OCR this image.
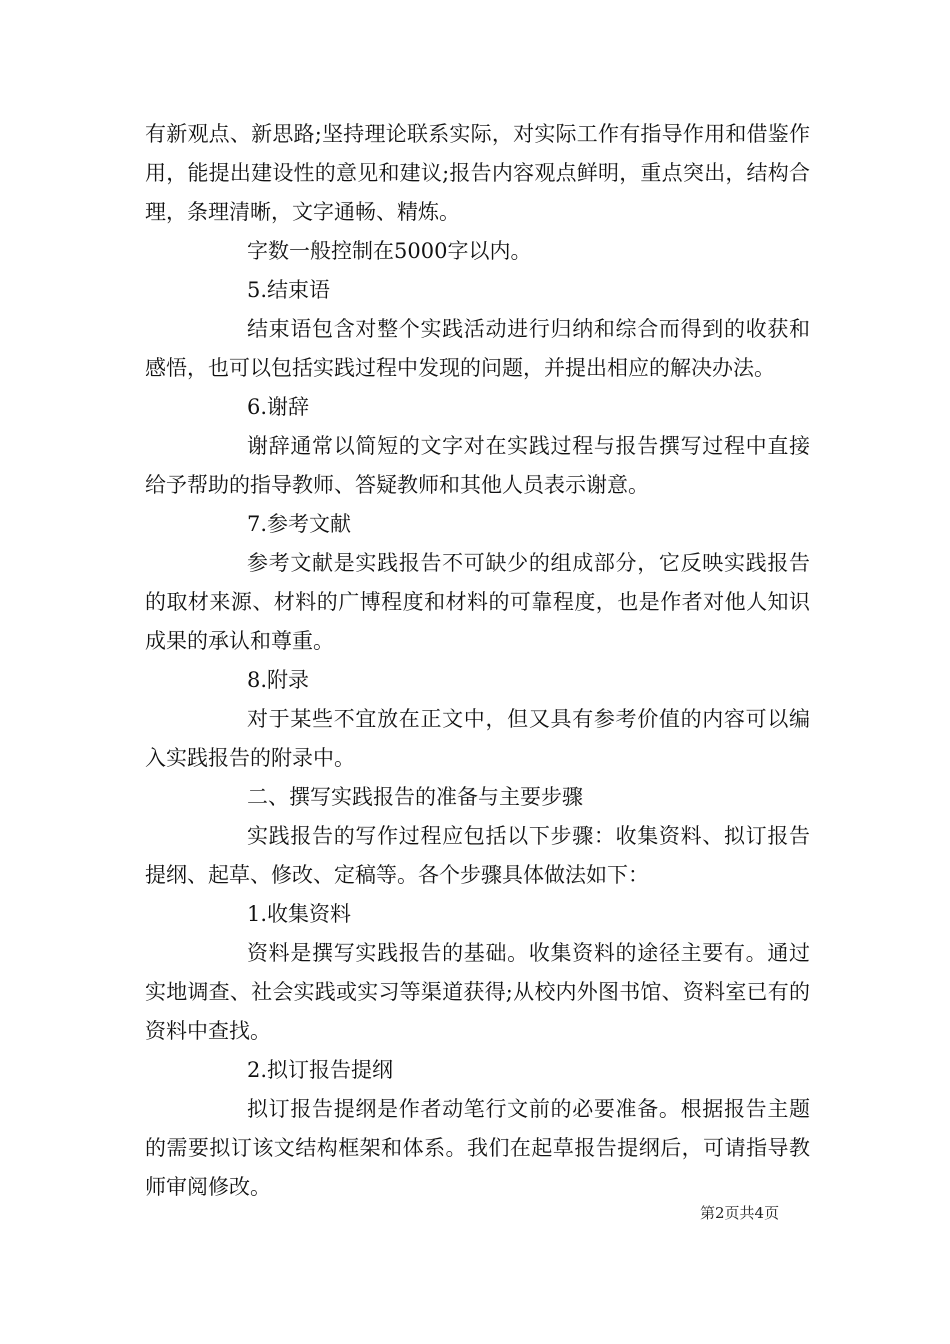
有新观点、新思路;坚持理论联系实际，对实际工作有指导作用和借鉴作用，能提出建设性的意见和建议;报告内容观点鲜明，重点突出，结构合理，条理清晰，文字通畅、精炼。

字数一般控制在5000字以内。

5.结束语

结束语包含对整个实践活动进行归纳和综合而得到的收获和感悟，也可以包括实践过程中发现的问题，并提出相应的解决办法。

6.谢辞

谢辞通常以简短的文字对在实践过程与报告撰写过程中直接给予帮助的指导教师、答疑教师和其他人员表示谢意。

7.参考文献

参考文献是实践报告不可缺少的组成部分，它反映实践报告的取材来源、材料的广博程度和材料的可靠程度，也是作者对他人知识成果的承认和尊重。

8.附录

对于某些不宜放在正文中，但又具有参考价值的内容可以编入实践报告的附录中。

二、撰写实践报告的准备与主要步骤

实践报告的写作过程应包括以下步骤：收集资料、拟订报告提纲、起草、修改、定稿等。各个步骤具体做法如下：

1.收集资料

资料是撰写实践报告的基础。收集资料的途径主要有。通过实地调查、社会实践或实习等渠道获得;从校内外图书馆、资料室已有的资料中查找。

2.拟订报告提纲

拟订报告提纲是作者动笔行文前的必要准备。根据报告主题的需要拟订该文结构框架和体系。我们在起草报告提纲后，可请指导教师审阅修改。

第2页共4页
